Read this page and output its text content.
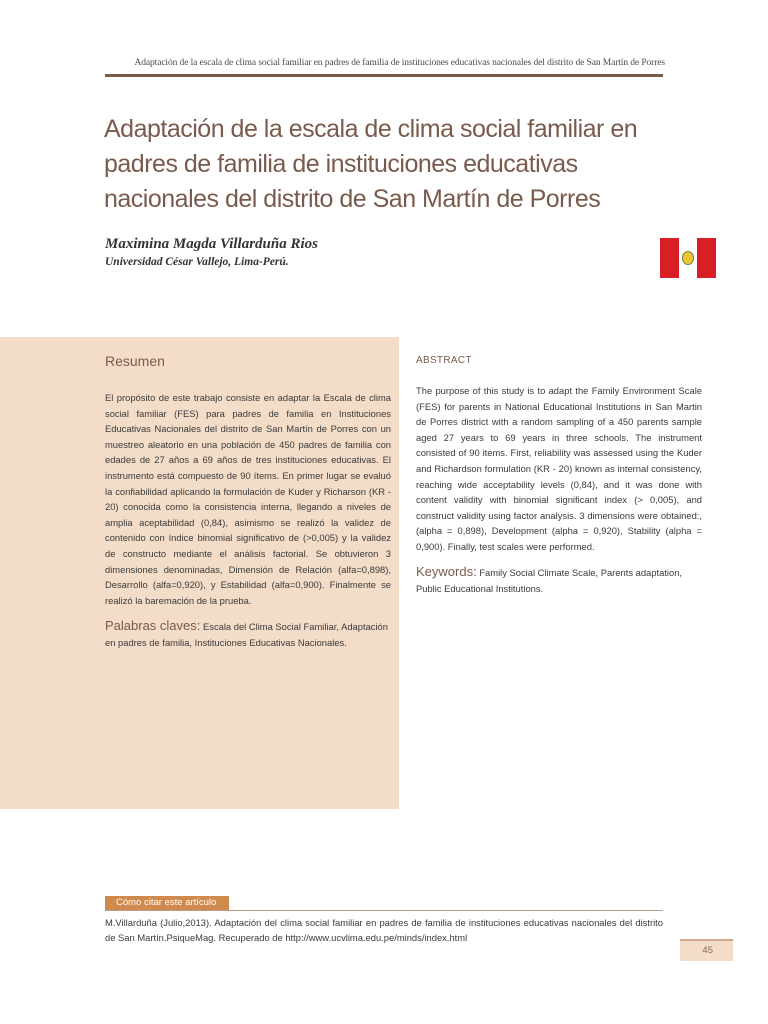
Adaptación de la escala de clima social familiar en padres de familia de instituciones educativas nacionales del distrito de San Martín de Porres
Adaptación de la escala de clima social familiar en padres de familia de instituciones educativas nacionales del distrito de San Martín de Porres

Maximina Magda Villarduña Rios

Universidad César Vallejo, Lima-Perú.

Resumen

El propósito de este trabajo consiste en adaptar la Escala de clima social familiar (FES) para padres de familia en Instituciones Educativas Nacionales del distrito de San Martín de Porres con un muestreo aleatorio en una población de 450 padres de familia con edades de 27 años a 69 años de tres instituciones educativas. El instrumento está compuesto de 90 ítems. En primer lugar se evaluó la confiabilidad aplicando la formulación de Kuder y Richarson (KR - 20) conocida como la consistencia interna, llegando a niveles de amplia aceptabilidad (0,84), asimismo se realizó la validez de contenido con índice binomial significativo de (>0,005) y la validez de constructo mediante el análisis factorial. Se obtuvieron 3 dimensiones denominadas, Dimensión de Relación (alfa=0,898), Desarrollo (alfa=0,920), y Estabilidad (alfa=0,900). Finalmente se realizó la baremación de la prueba.

Palabras claves: Escala del Clima Social Familiar, Adaptación en padres de familia, Instituciones Educativas Nacionales.

ABSTRACT

The purpose of this study is to adapt the Family Environment Scale (FES) for parents in National Educational Institutions in San Martin de Porres district with a random sampling of a 450 parents sample aged 27 years to 69 years in three schools. The instrument consisted of 90 items. First, reliability was assessed using the Kuder and Richardson formulation (KR - 20) known as internal consistency, reaching wide acceptability levels (0,84), and it was done with content validity with binomial significant index (> 0,005), and construct validity using factor analysis. 3 dimensions were obtained:, (alpha = 0,898), Development (alpha = 0,920), Stability (alpha = 0,900). Finally, test scales were performed.

Keywords: Family Social Climate Scale, Parents adaptation, Public Educational Institutions.

Cómo citar este artículo

M.Villarduña (Julio,2013). Adaptación del clima social familiar en padres de familia de instituciones educativas nacionales del distrito de San Martín.PsiqueMag. Recuperado de http://www.ucvlima.edu.pe/minds/index.html

45
